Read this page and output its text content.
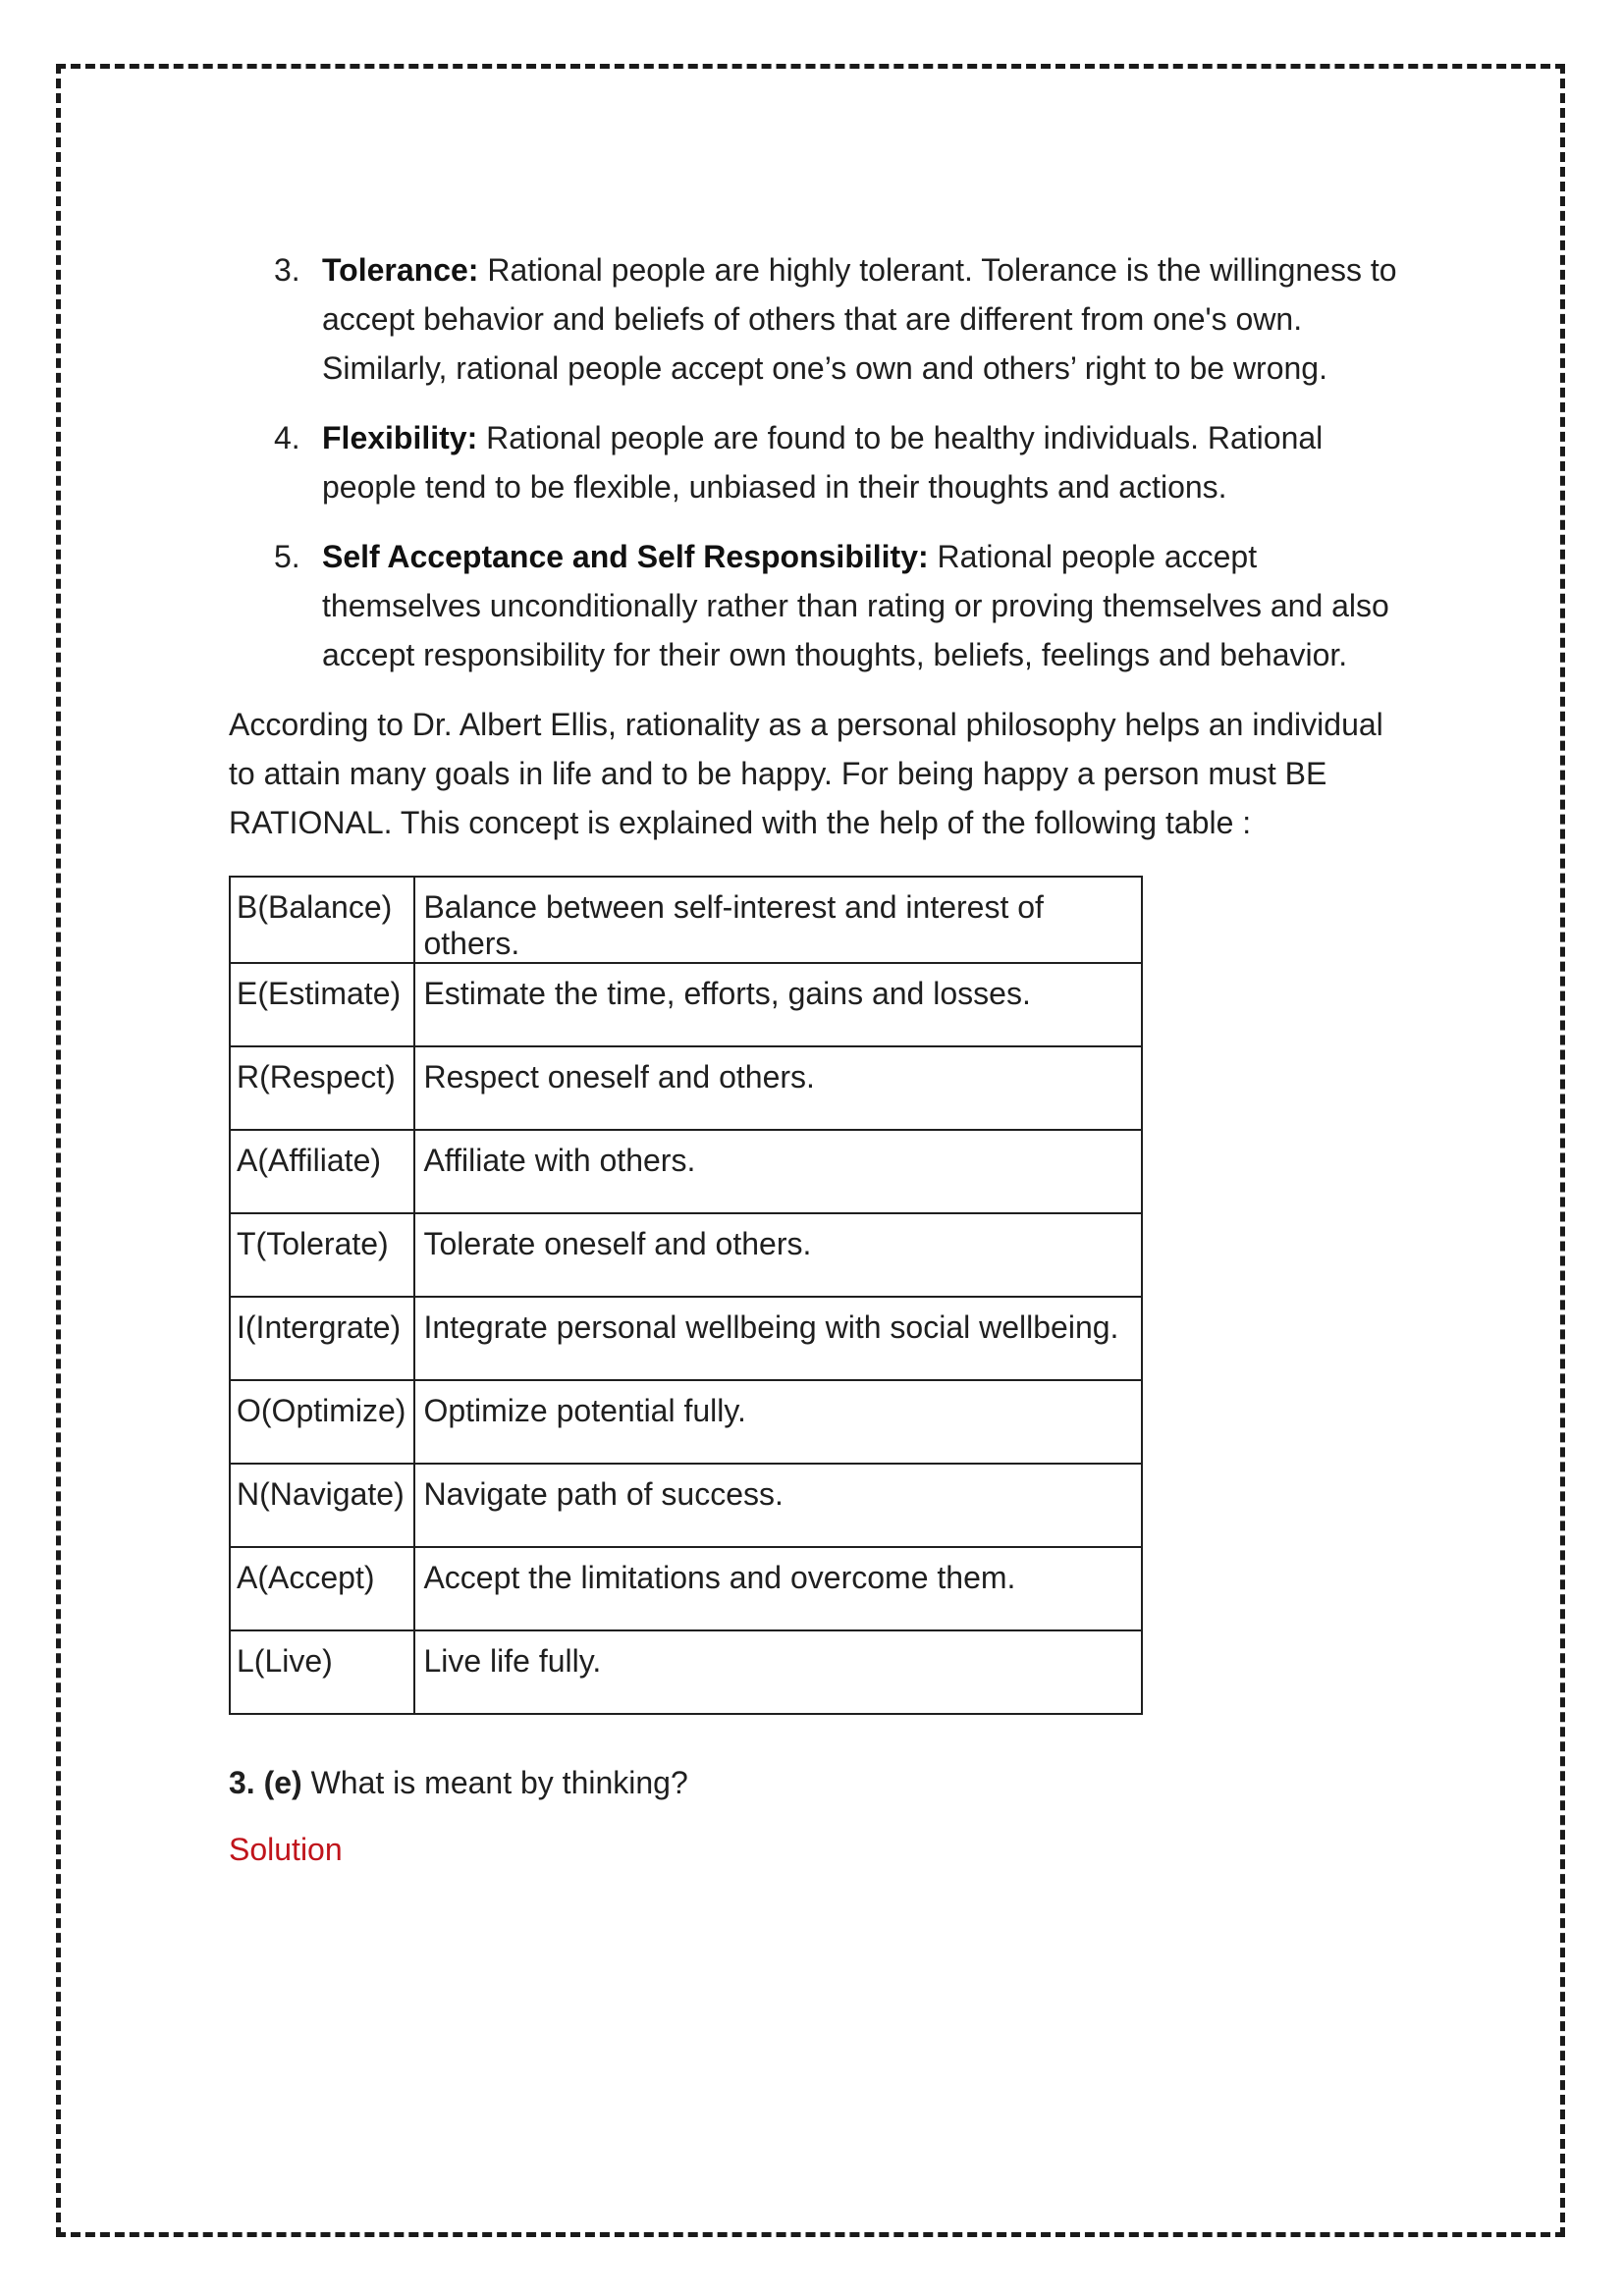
3. Tolerance: Rational people are highly tolerant. Tolerance is the willingness to accept behavior and beliefs of others that are different from one's own. Similarly, rational people accept one’s own and others’ right to be wrong.
4. Flexibility: Rational people are found to be healthy individuals. Rational people tend to be flexible, unbiased in their thoughts and actions.
5. Self Acceptance and Self Responsibility: Rational people accept themselves unconditionally rather than rating or proving themselves and also accept responsibility for their own thoughts, beliefs, feelings and behavior.

According to Dr. Albert Ellis, rationality as a personal philosophy helps an individual to attain many goals in life and to be happy. For being happy a person must BE RATIONAL. This concept is explained with the help of the following table :

B(Balance)	Balance between self-interest and interest of others.
E(Estimate)	Estimate the time, efforts, gains and losses.
R(Respect)	Respect oneself and others.
A(Affiliate)	Affiliate with others.
T(Tolerate)	Tolerate oneself and others.
I(Intergrate)	Integrate personal wellbeing with social wellbeing.
O(Optimize)	Optimize potential fully.
N(Navigate)	Navigate path of success.
A(Accept)	Accept the limitations and overcome them.
L(Live)	Live life fully.

3. (e) What is meant by thinking?

Solution
